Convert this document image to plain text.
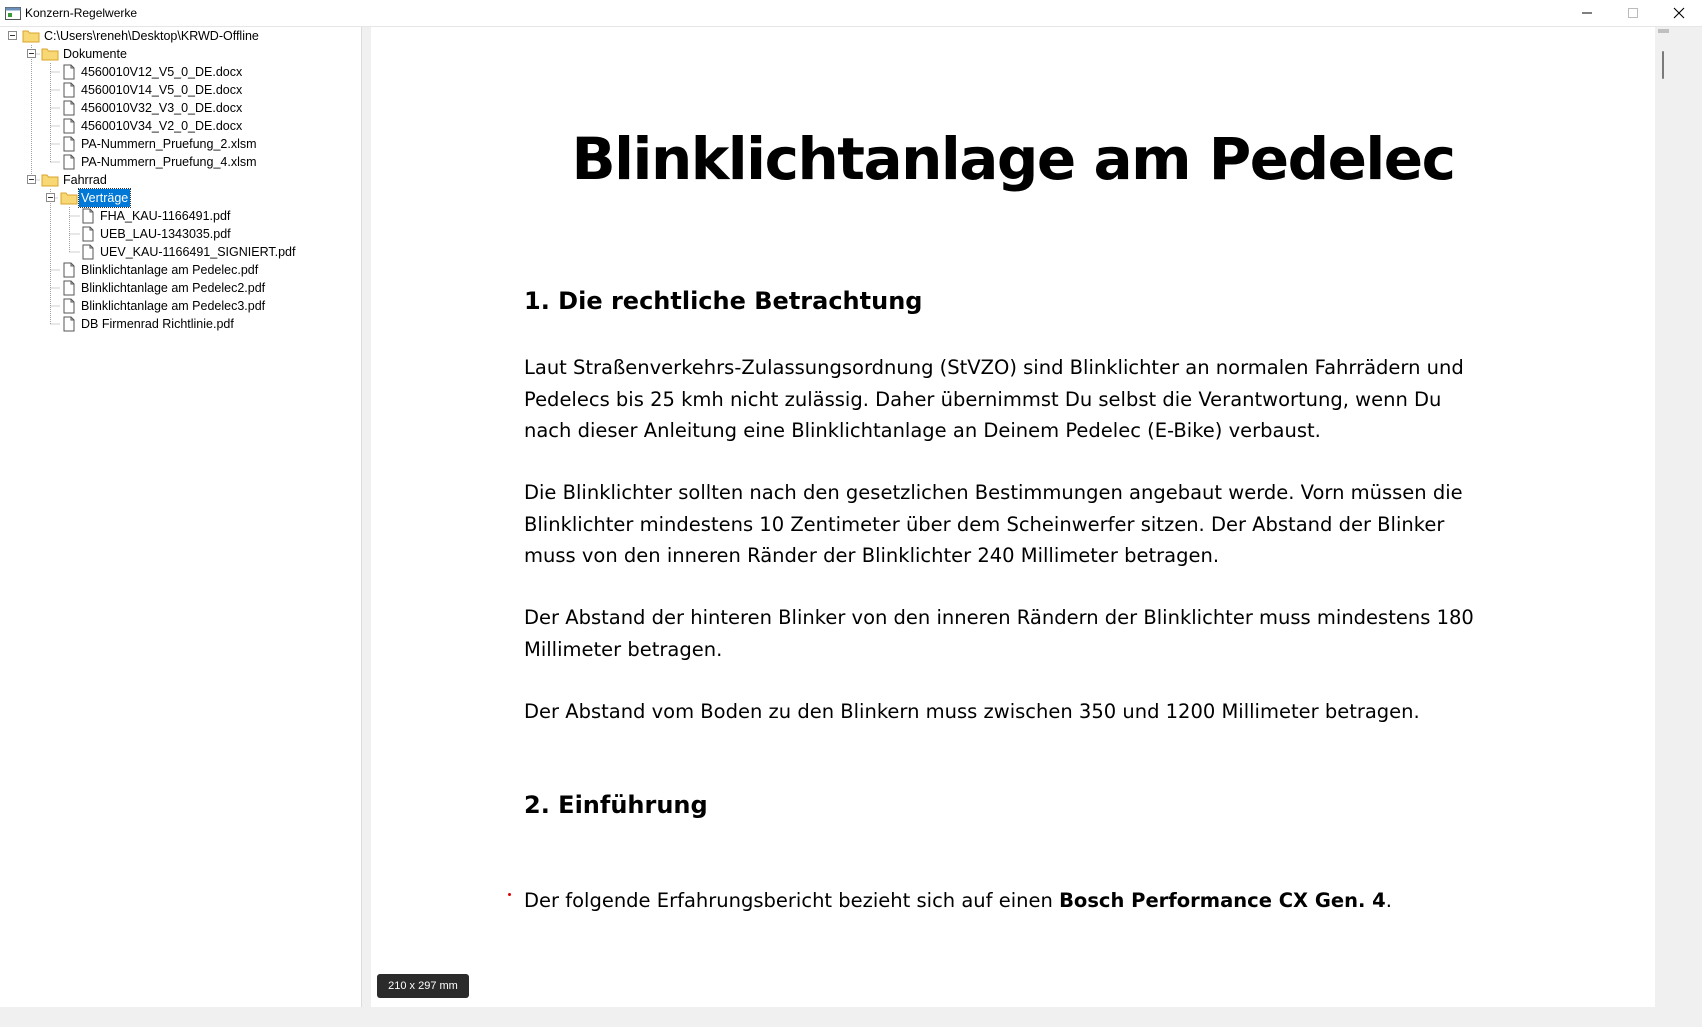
Konzern-Regelwerke
C:\Users\reneh\Desktop\KRWD-Offline
Dokumente
4560010V12_V5_0_DE.docx
4560010V14_V5_0_DE.docx
4560010V32_V3_0_DE.docx
4560010V34_V2_0_DE.docx
PA-Nummern_Pruefung_2.xlsm
PA-Nummern_Pruefung_4.xlsm
Fahrrad
Verträge
FHA_KAU-1166491.pdf
UEB_LAU-1343035.pdf
UEV_KAU-1166491_SIGNIERT.pdf
Blinklichtanlage am Pedelec.pdf
Blinklichtanlage am Pedelec2.pdf
Blinklichtanlage am Pedelec3.pdf
DB Firmenrad Richtlinie.pdf
Blinklichtanlage am Pedelec
1. Die rechtliche Betrachtung
Laut Straßenverkehrs-Zulassungsordnung (StVZO) sind Blinklichter an normalen Fahrrädern und Pedelecs bis 25 kmh nicht zulässig. Daher übernimmst Du selbst die Verantwortung, wenn Du nach dieser Anleitung eine Blinklichtanlage an Deinem Pedelec (E-Bike) verbaust.
Die Blinklichter sollten nach den gesetzlichen Bestimmungen angebaut werde. Vorn müssen die Blinklichter mindestens 10 Zentimeter über dem Scheinwerfer sitzen. Der Abstand der Blinker muss von den inneren Ränder der Blinklichter 240 Millimeter betragen.
Der Abstand der hinteren Blinker von den inneren Rändern der Blinklichter muss mindestens 180 Millimeter betragen.
Der Abstand vom Boden zu den Blinkern muss zwischen 350 und 1200 Millimeter betragen.
2. Einführung
Der folgende Erfahrungsbericht bezieht sich auf einen Bosch Performance CX Gen. 4.
210 x 297 mm
